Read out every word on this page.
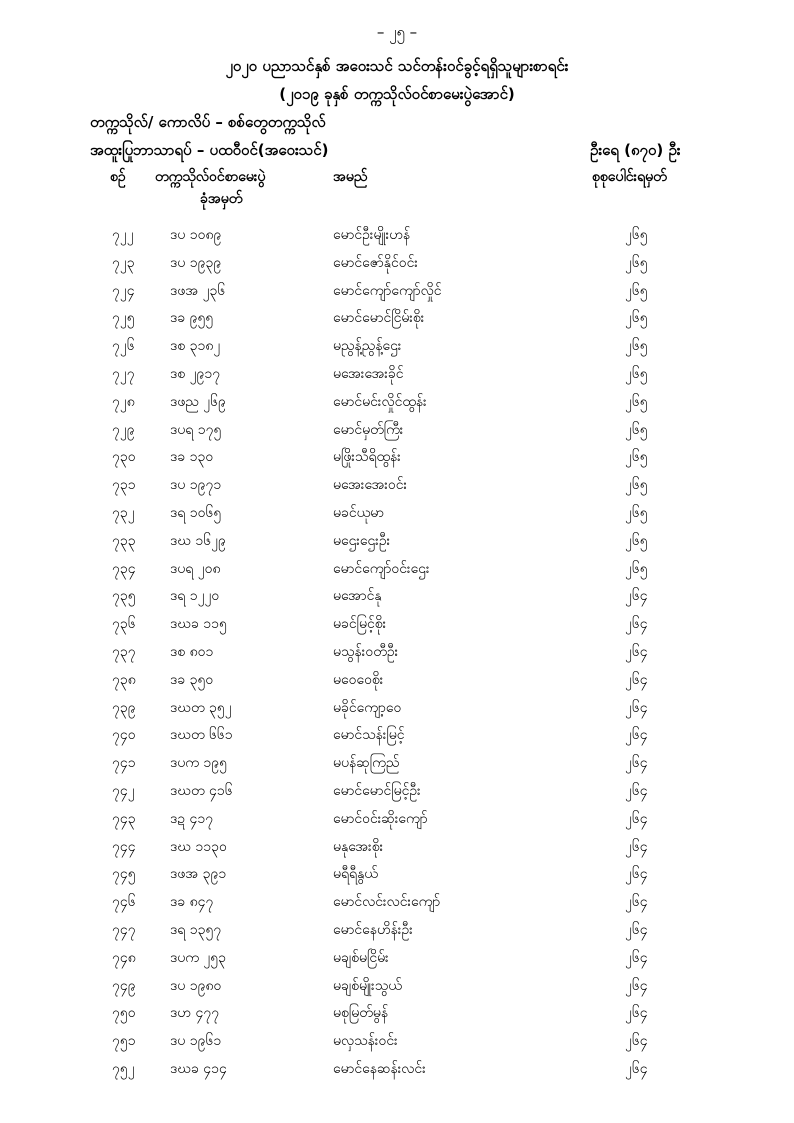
– ၂၅ –
၂၀၂၀ ပညာသင်နှစ် အဝေးသင် သင်တန်းဝင်ခွင့်ရရှိသူများစာရင်း
(၂၀၁၉ ခုနှစ် တက္ကသိုလ်ဝင်စာမေးပွဲအောင်)
တက္ကသိုလ်/ ကောလိပ် – စစ်တွေတက္ကသိုလ်
အထူးပြုဘာသာရပ် – ပထဝီဝင်(အဝေးသင်)	ဦးရေ (၈၇၀) ဦး
စဉ် တက္ကသိုလ်ဝင်စာမေးပွဲ
ခုံအမှတ်
အမည်	စုစုပေါင်းရမှတ်
၇၂၂	ဒပ ၁၀၈၉	မောင်ဦးမျိုးဟန်	၂၆၅
၇၂၃	ဒပ ၁၉၃၉	မောင်ဇော်နိုင်ဝင်း	၂၆၅
၇၂၄	ဒဖအ ၂၃၆	မောင်ကျော်ကျော်လှိုင်	၂၆၅
၇၂၅	ဒခ ၉၅၅	မောင်မောင်ငြိမ်းစိုး	၂၆၅
၇၂၆	ဒစ ၃၁၈၂	မညွန့်ညွန့်ဌေး	၂၆၅
၇၂၇	ဒစ ၂၉၁၇	မအေးအေးခိုင်	၂၆၅
၇၂၈	ဒဖည ၂၆၉	မောင်မင်းလှိုင်ထွန်း	၂၆၅
၇၂၉	ဒပရ ၁၇၅	မောင်မှတ်ကြီး	၂၆၅
၇၃၀ ဒခ ၁၃၀	မဖြိုးသီရိထွန်း	၂၆၅
၇၃၁ ဒပ ၁၉၇၁	မအေးအေးဝင်း	၂၆၅
၇၃၂	ဒရ ၁၀၆၅	မခင်ယုမာ	၂၆၅
၇၃၃ ဒဃ ၁၆၂၉	မဌေးဌေးဦး	၂၆၅
၇၃၄ ဒပရ ၂၀၈	မောင်ကျော်ဝင်းဌေး	၂၆၅
၇၃၅ ဒရ ၁၂၂၀	မအောင်နု	၂၆၄
၇၃၆ ဒဃခ ၁၁၅	မခင်မြင့်စိုး	၂၆၄
၇၃၇ ဒစ ၈၀၁	မသွန်းဝတီဦး	၂၆၄
၇၃၈ ဒခ ၃၅၀	မဝေဝေစိုး	၂၆၄
၇၃၉ ဒဃတ ၃၅၂	မခိုင်ကျော့ဝေ	၂၆၄
၇၄၀ ဒဃတ ၆၆၁	မောင်သန်းမြင့်	၂၆၄
၇၄၁ ဒပက ၁၉၅	မပန်ဆုကြည်	၂၆၄
၇၄၂	ဒဃတ ၄၁၆	မောင်မောင်မြင့်ဦး	၂၆၄
၇၄၃ ဒဍ ၄၁၇	မောင်ဝင်းဆိုးကျော်	၂၆၄
၇၄၄ ဒဃ ၁၁၃၀	မနုအေးစိုး	၂၆၄
၇၄၅ ဒဖအ ၃၉၁	မရီရီနွယ်	၂၆၄
၇၄၆ ဒခ ၈၄၇	မောင်လင်းလင်းကျော်	၂၆၄
၇၄၇ ဒရ ၁၃၅၇	မောင်နေဟိန်းဦး	၂၆၄
၇၄၈ ဒပက ၂၅၃	မချစ်မငြိမ်း	၂၆၄
၇၄၉ ဒပ ၁၉၈၀	မချစ်မျိုးသွယ်	၂၆၄
၇၅၀ ဒဟ ၄၇၇	မစုမြတ်မွန်	၂၆၄
၇၅၁ ဒပ ၁၉၆၁	မလှသန်းဝင်း	၂၆၄
၇၅၂	ဒဃခ ၄၁၄	မောင်နေဆန်းလင်း	၂၆၄
